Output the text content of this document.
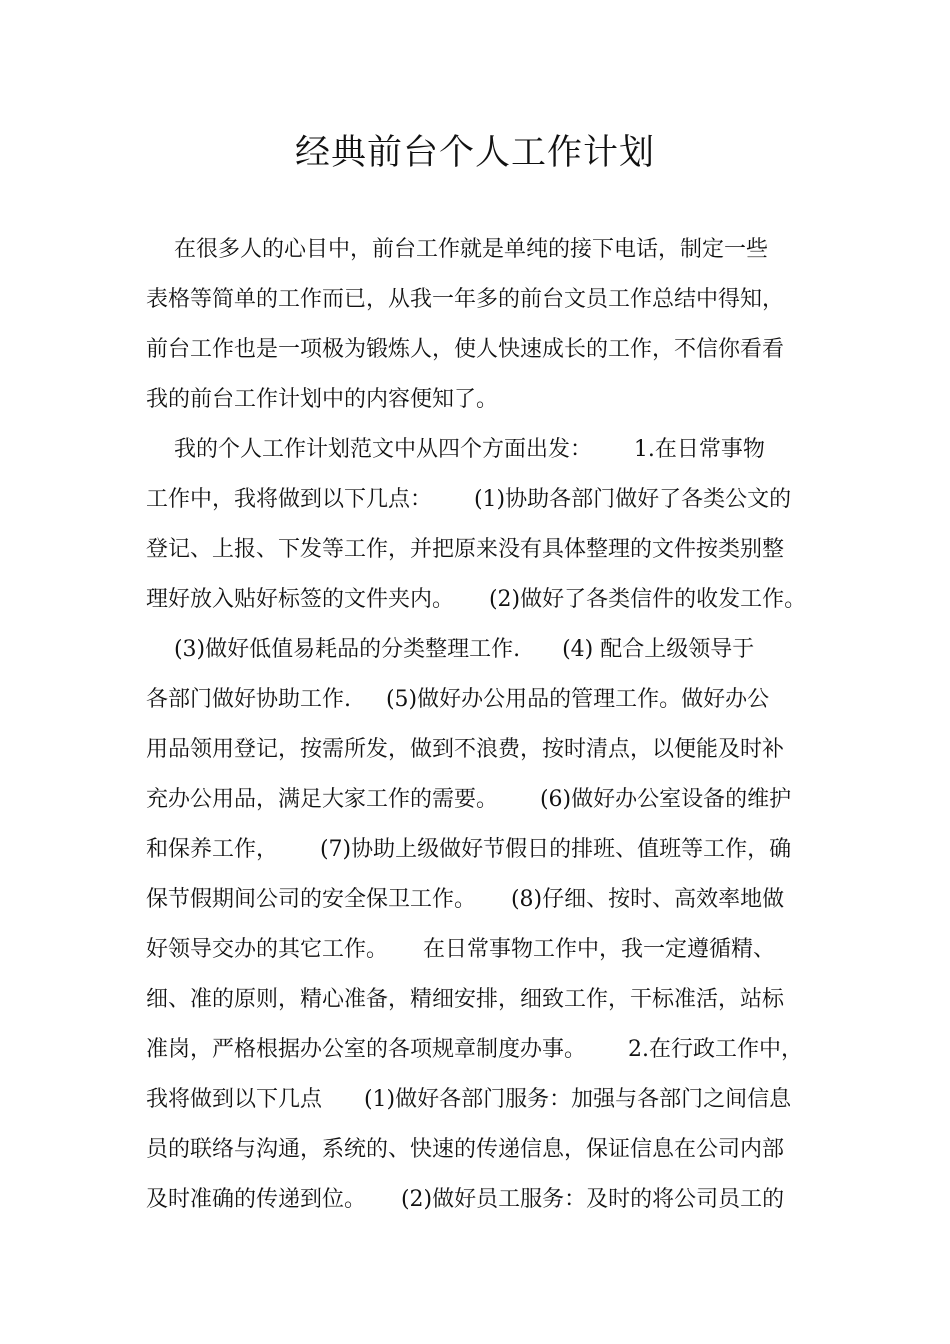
经典前台个人工作计划

在很多人的心目中，前台工作就是单纯的接下电话，制定一些

表格等简单的工作而已，从我一年多的前台文员工作总结中得知，

前台工作也是一项极为锻炼人，使人快速成长的工作，不信你看看

我的前台工作计划中的内容便知了。

我的个人工作计划范文中从四个方面出发：      1.在日常事物

工作中，我将做到以下几点：      (1)协助各部门做好了各类公文的

登记、上报、下发等工作，并把原来没有具体整理的文件按类别整

理好放入贴好标签的文件夹内。     (2)做好了各类信件的收发工作。

(3)做好低值易耗品的分类整理工作.      (4) 配合上级领导于

各部门做好协助工作.     (5)做好办公用品的管理工作。做好办公

用品领用登记，按需所发，做到不浪费，按时清点，以便能及时补

充办公用品，满足大家工作的需要。      (6)做好办公室设备的维护

和保养工作，      (7)协助上级做好节假日的排班、值班等工作，确

保节假期间公司的安全保卫工作。     (8)仔细、按时、高效率地做

好领导交办的其它工作。     在日常事物工作中，我一定遵循精、

细、准的原则，精心准备，精细安排，细致工作，干标准活，站标

准岗，严格根据办公室的各项规章制度办事。      2.在行政工作中，

我将做到以下几点      (1)做好各部门服务：加强与各部门之间信息

员的联络与沟通，系统的、快速的传递信息，保证信息在公司内部

及时准确的传递到位。     (2)做好员工服务：及时的将公司员工的
